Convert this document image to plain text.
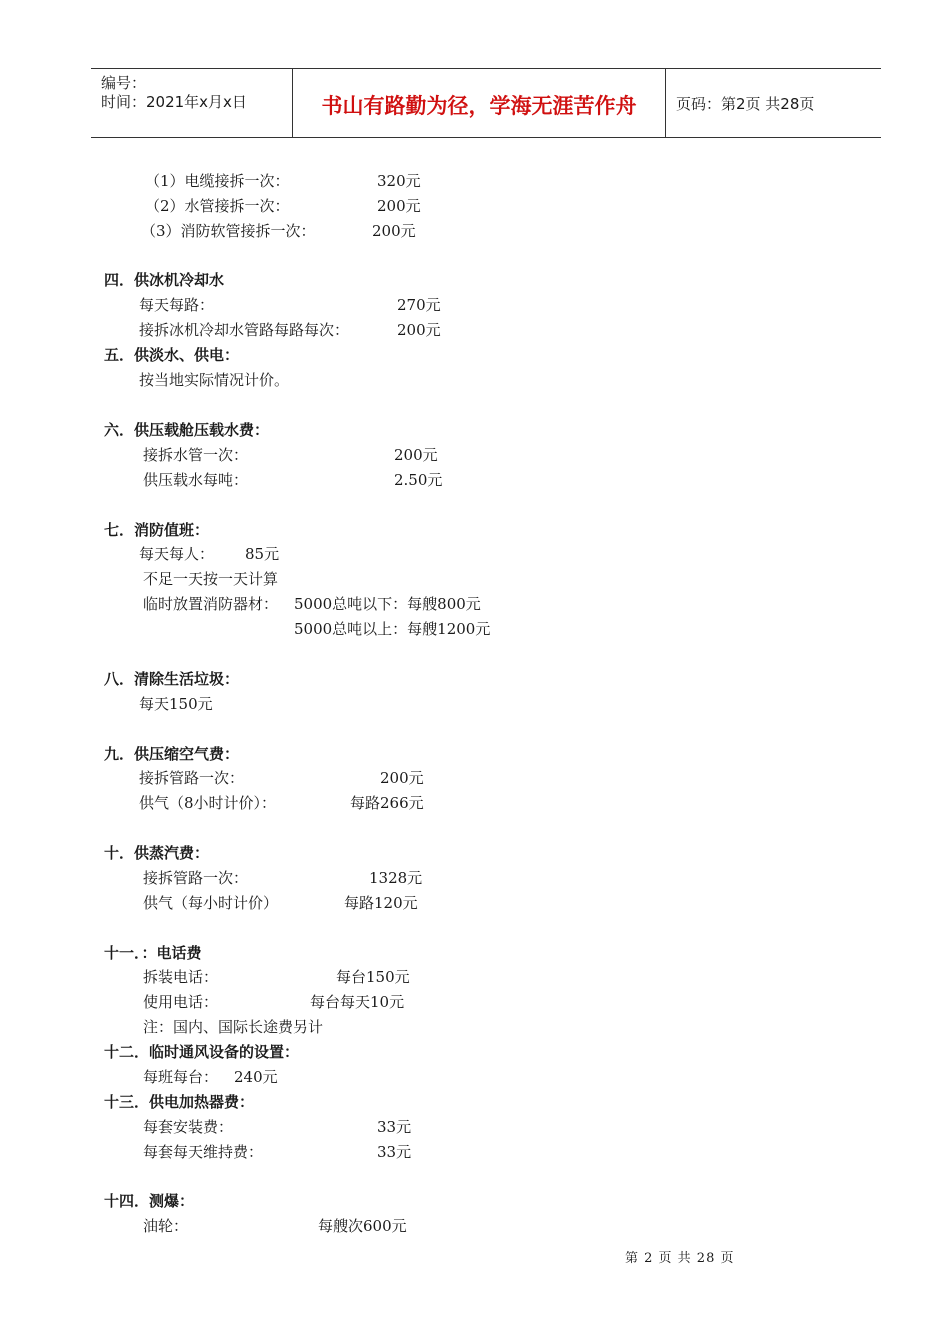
编号：
时间：2021年x月x日	书山有路勤为径，学海无涯苦作舟	页码：第2页 共28页
（1）电缆接拆一次：	320元
（2）水管接拆一次：	200元
（3）消防软管接拆一次：	200元
四．供冰机冷却水
每天每路：	270元
接拆冰机冷却水管路每路每次：	200元
五．供淡水、供电：
按当地实际情况计价。
六．供压载舱压载水费：
接拆水管一次：	200元
供压载水每吨：	2.50元
七．消防值班：
每天每人： 85元
不足一天按一天计算
临时放置消防器材： 5000总吨以下：每艘800元
5000总吨以上：每艘1200元
八．清除生活垃圾：
每天150元
九．供压缩空气费：
接拆管路一次：	200元
供气（8小时计价）：	每路266元
十．供蒸汽费：
接拆管路一次：	1328元
供气（每小时计价）	每路120元
十一．：电话费
拆装电话：	每台150元
使用电话：	每台每天10元
注：国内、国际长途费另计
十二．临时通风设备的设置：
每班每台： 240元
十三．供电加热器费：
每套安装费：	33元
每套每天维持费：	33元
十四．测爆：
油轮：	每艘次600元
第 2 页 共 28 页
